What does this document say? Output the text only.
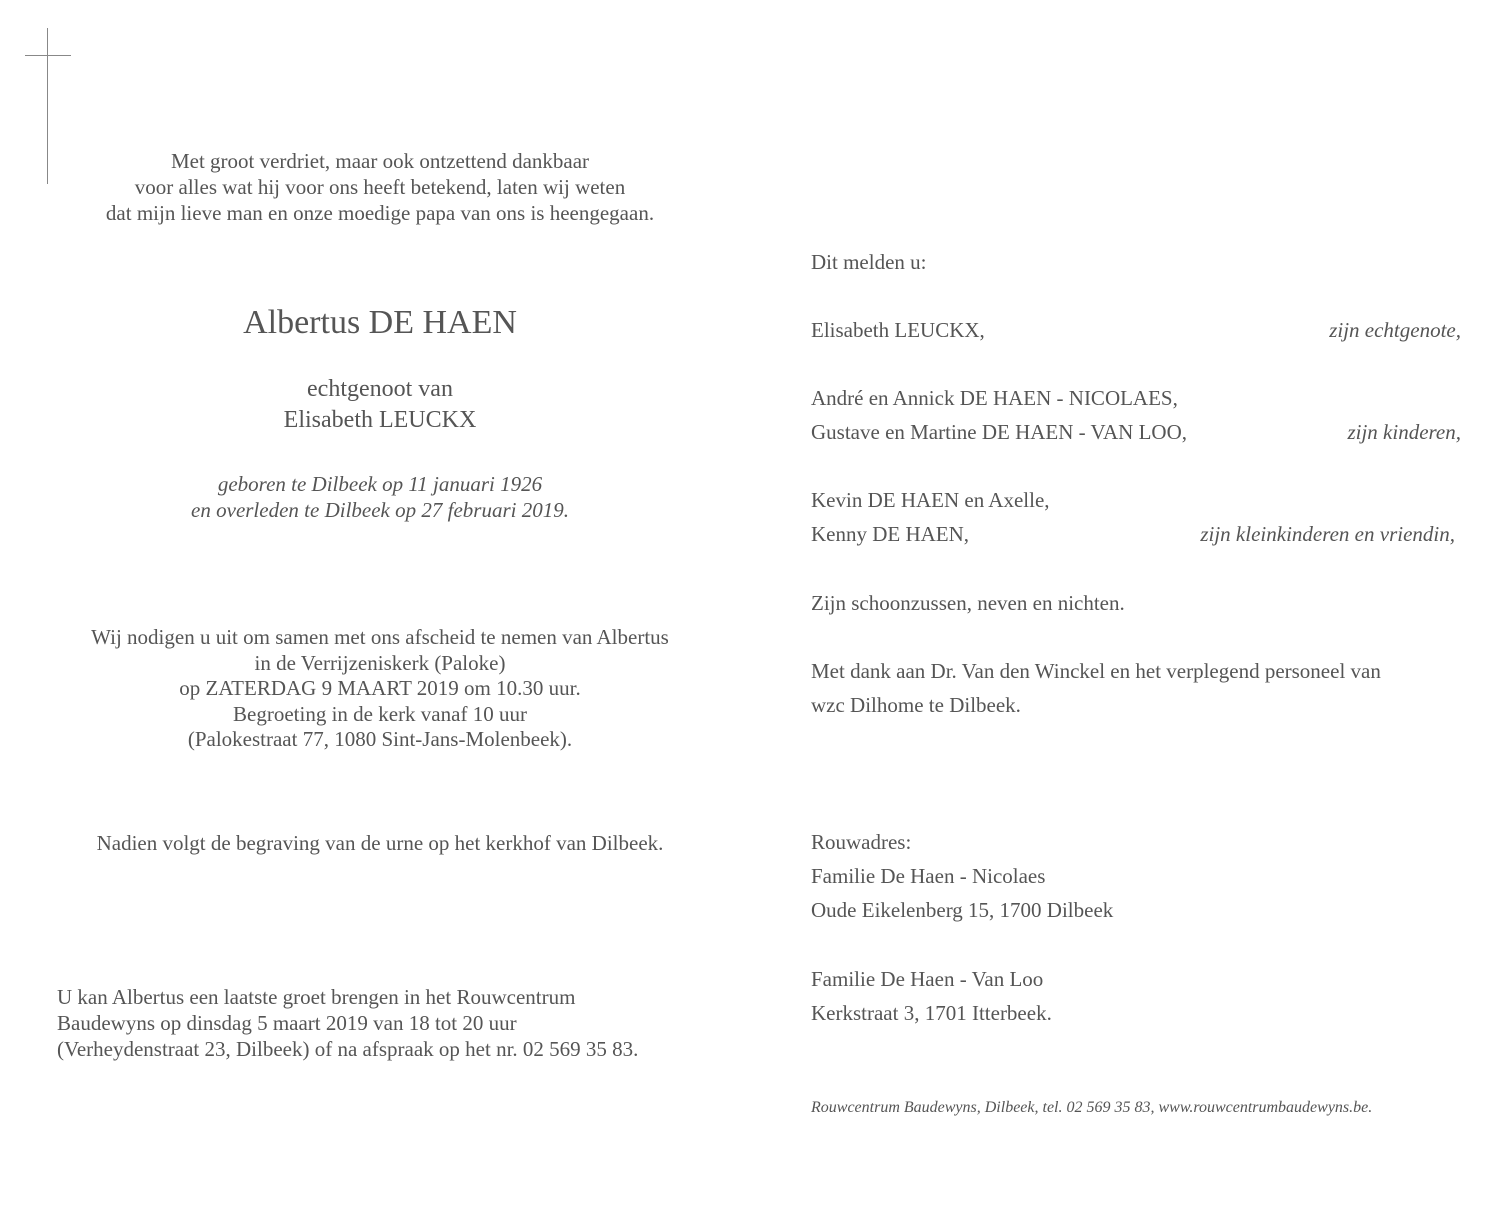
Met groot verdriet, maar ook ontzettend dankbaar
voor alles wat hij voor ons heeft betekend, laten wij weten
dat mijn lieve man en onze moedige papa van ons is heengegaan.
Albertus DE HAEN
echtgenoot van
Elisabeth LEUCKX
geboren te Dilbeek op 11 januari 1926
en overleden te Dilbeek op 27 februari 2019.
Wij nodigen u uit om samen met ons afscheid te nemen van Albertus
in de Verrijzeniskerk (Paloke)
op ZATERDAG 9 MAART 2019 om 10.30 uur.
Begroeting in de kerk vanaf 10 uur
(Palokestraat 77, 1080 Sint-Jans-Molenbeek).
Nadien volgt de begraving van de urne op het kerkhof van Dilbeek.
U kan Albertus een laatste groet brengen in het Rouwcentrum
Baudewyns op dinsdag 5 maart 2019 van 18 tot 20 uur
(Verheydenstraat 23, Dilbeek) of na afspraak op het nr. 02 569 35 83.
Dit melden u:
Elisabeth LEUCKX,	zijn echtgenote,
André en Annick DE HAEN - NICOLAES,
Gustave en Martine DE HAEN - VAN LOO,	zijn kinderen,
Kevin DE HAEN en Axelle,
Kenny DE HAEN,	zijn kleinkinderen en vriendin,
Zijn schoonzussen, neven en nichten.
Met dank aan Dr. Van den Winckel en het verplegend personeel van
wzc Dilhome te Dilbeek.
Rouwadres:
Familie De Haen - Nicolaes
Oude Eikelenberg 15, 1700 Dilbeek
Familie De Haen - Van Loo
Kerkstraat 3, 1701 Itterbeek.
Rouwcentrum Baudewyns, Dilbeek, tel. 02 569 35 83, www.rouwcentrumbaudewyns.be.
